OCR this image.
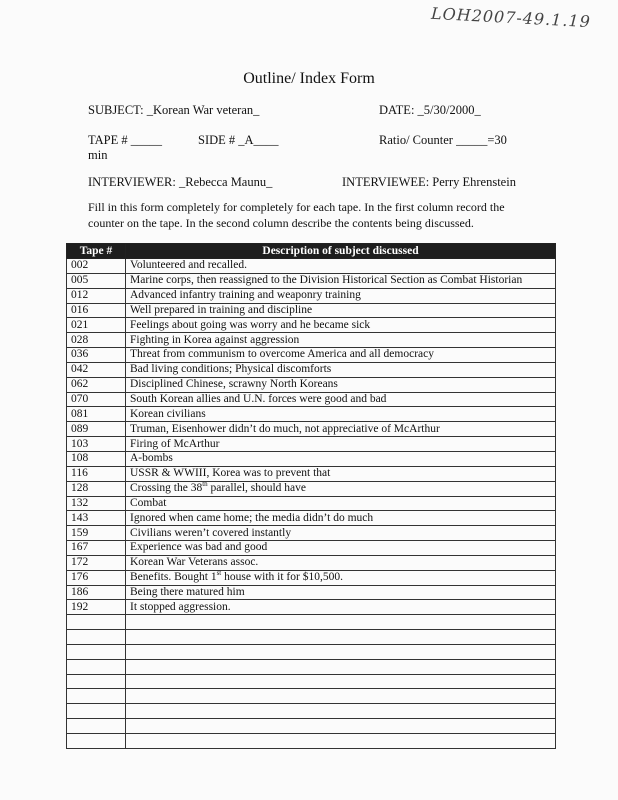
LOH2007-49.1.19
Outline/ Index Form
SUBJECT: _Korean War veteran_	DATE: _5/30/2000_
TAPE # _____	SIDE # _A____	Ratio/ Counter _____=30
min
INTERVIEWER: _Rebecca Maunu_	INTERVIEWEE: Perry Ehrenstein
Fill in this form completely for completely for each tape. In the first column record the counter on the tape. In the second column describe the contents being discussed.
Tape #	Description of subject discussed
002	Volunteered and recalled.
005	Marine corps, then reassigned to the Division Historical Section as Combat Historian
012	Advanced infantry training and weaponry training
016	Well prepared in training and discipline
021	Feelings about going was worry and he became sick
028	Fighting in Korea against aggression
036	Threat from communism to overcome America and all democracy
042	Bad living conditions; Physical discomforts
062	Disciplined Chinese, scrawny North Koreans
070	South Korean allies and U.N. forces were good and bad
081	Korean civilians
089	Truman, Eisenhower didn’t do much, not appreciative of McArthur
103	Firing of McArthur
108	A-bombs
116	USSR & WWIII, Korea was to prevent that
128	Crossing the 38th parallel, should have
132	Combat
143	Ignored when came home; the media didn’t do much
159	Civilians weren’t covered instantly
167	Experience was bad and good
172	Korean War Veterans assoc.
176	Benefits. Bought 1st house with it for $10,500.
186	Being there matured him
192	It stopped aggression.
